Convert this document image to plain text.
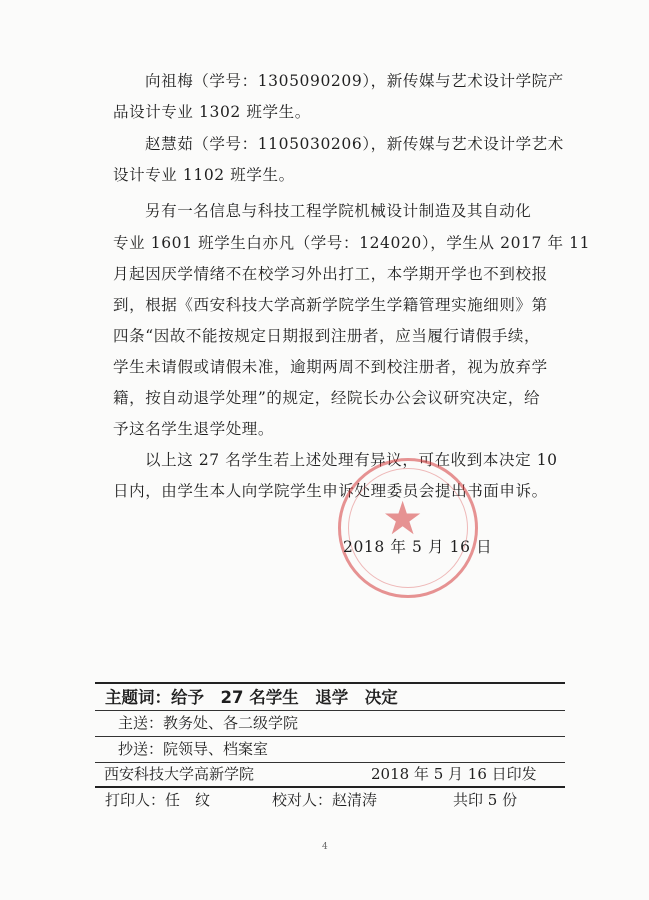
向祖梅（学号：1305090209），新传媒与艺术设计学院产
品设计专业 1302 班学生。
赵慧茹（学号：1105030206），新传媒与艺术设计学艺术
设计专业 1102 班学生。
另有一名信息与科技工程学院机械设计制造及其自动化
专业 1601 班学生白亦凡（学号：124020），学生从 2017 年 11
月起因厌学情绪不在校学习外出打工，本学期开学也不到校报
到，根据《西安科技大学高新学院学生学籍管理实施细则》第
四条“因故不能按规定日期报到注册者，应当履行请假手续，
学生未请假或请假未准，逾期两周不到校注册者，视为放弃学
籍，按自动退学处理”的规定，经院长办公会议研究决定，给
予这名学生退学处理。
以上这 27 名学生若上述处理有异议，可在收到本决定 10
日内，由学生本人向学院学生申诉处理委员会提出书面申诉。
★
2018 年 5 月 16 日
主题词：给予　27 名学生　退学　决定
主送：教务处、各二级学院
抄送：院领导、档案室
西安科技大学高新学院	2018 年 5 月 16 日印发
打印人：任　纹	校对人：赵清涛	共印 5 份
4
